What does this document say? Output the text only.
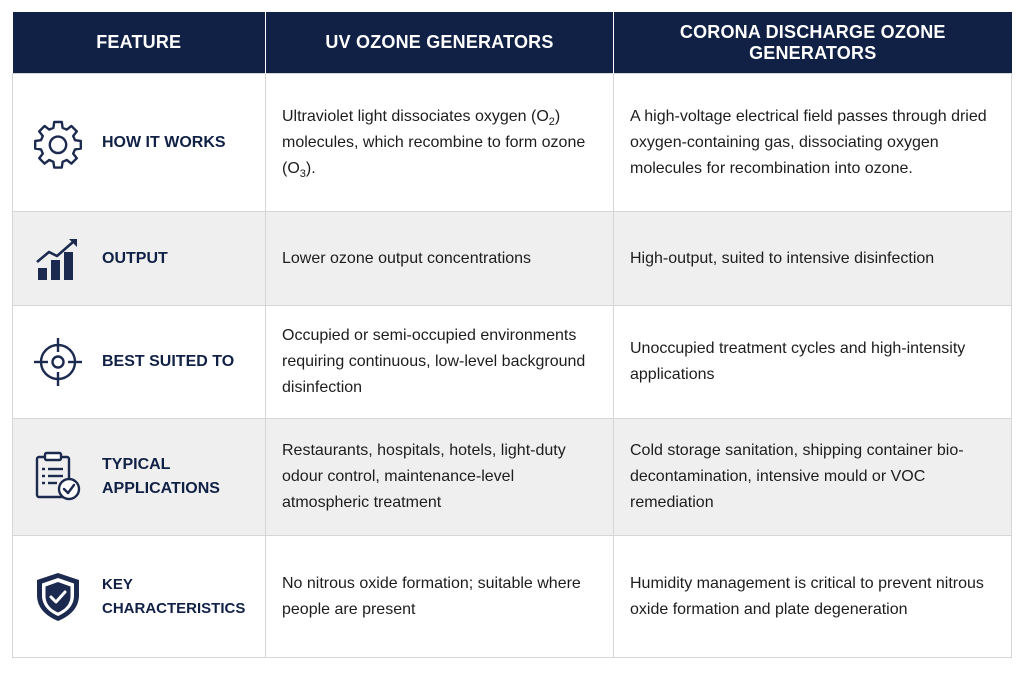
FEATURE	UV OZONE GENERATORS	CORONA DISCHARGE OZONE GENERATORS

HOW IT WORKS	Ultraviolet light dissociates oxygen $(O_2)$ molecules, which recombine to form ozone $(O_3)$.	A high-voltage electrical field passes through dried oxygen-containing gas, dissociating oxygen molecules for recombination into ozone.

OUTPUT	Lower ozone output concentrations	High-output, suited to intensive disinfection

BEST SUITED TO	Occupied or semi-occupied environments requiring continuous, low-level background disinfection	Unoccupied treatment cycles and high-intensity applications

TYPICAL
APPLICATIONS	Restaurants, hospitals, hotels, light-duty odour control, maintenance-level atmospheric treatment	Cold storage sanitation, shipping container bio-decontamination, intensive mould or VOC remediation

KEY CHARACTERISTICS	No nitrous oxide formation; suitable where people are present	Humidity management is critical to prevent nitrous oxide formation and plate degeneration
